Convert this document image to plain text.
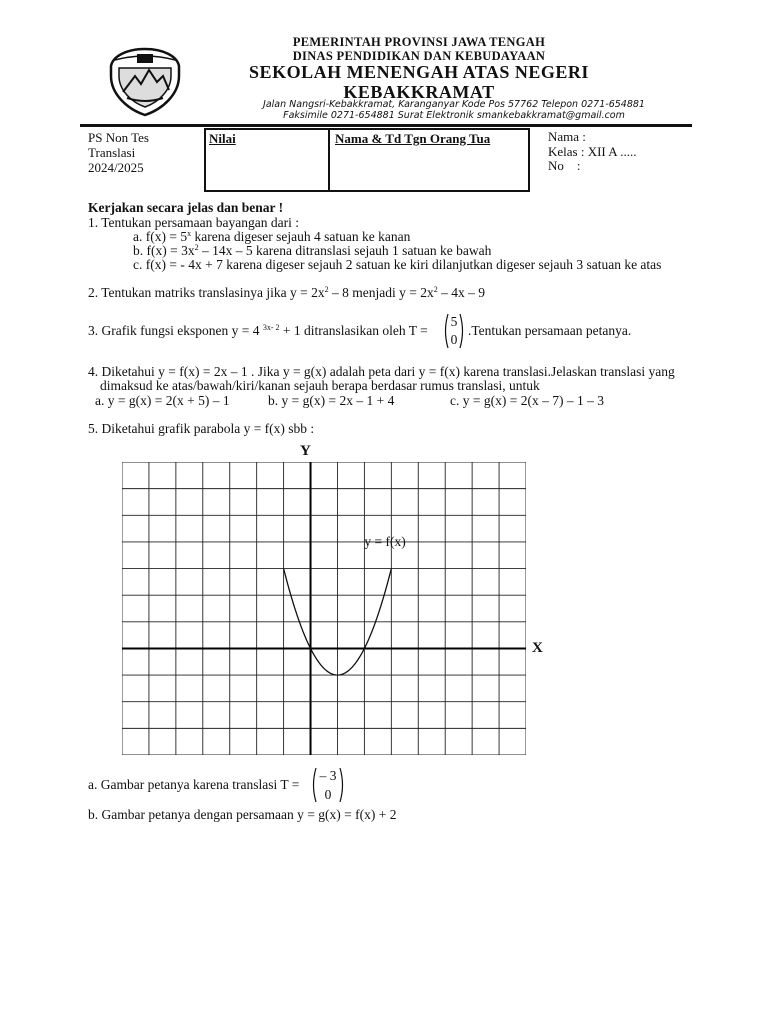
PEMERINTAH PROVINSI JAWA TENGAH
DINAS PENDIDIKAN DAN KEBUDAYAAN
SEKOLAH MENENGAH ATAS NEGERI
KEBAKKRAMAT
Jalan Nangsri-Kebakkramat, Karanganyar Kode Pos 57762 Telepon 0271-654881
Faksimile 0271-654881 Surat Elektronik smankebakkramat@gmail.com
PS Non Tes
Translasi
2024/2025
Nilai	Nama & Td Tgn Orang Tua	Nama :
Kelas : XII A .....
No    :
Kerjakan secara jelas dan benar !
1. Tentukan persamaan bayangan dari :
a. $f(x) = 5^x$ karena digeser sejauh 4 satuan ke kanan
b. $f(x) = 3x^2 - 14x - 5$ karena ditranslasi sejauh 1 satuan ke bawah
c. f(x) = - 4x + 7 karena digeser sejauh 2 satuan ke kiri dilanjutkan digeser sejauh 3 satuan ke atas
2. Tentukan matriks translasinya jika $y = 2x^2 - 8$ menjadi $y = 2x^2 - 4x - 9$
3. Grafik fungsi eksponen y = 4 $^{3x- 2}$ + 1 ditranslasikan oleh T =
5
0
.Tentukan persamaan petanya.
4. Diketahui y = f(x) = 2x – 1 . Jika y = g(x) adalah peta dari y = f(x) karena translasi.Jelaskan translasi yang
dimaksud ke atas/bawah/kiri/kanan sejauh berapa berdasar rumus translasi, untuk
a. y = g(x) = 2(x + 5) – 1	b. y = g(x) = 2x – 1 + 4	c. y = g(x) = 2(x – 7) – 1 – 3
5. Diketahui grafik parabola y = f(x) sbb :
Y
X
y = f(x)
a. Gambar petanya karena translasi T =
– 3
0
b. Gambar petanya dengan persamaan y = g(x) = f(x) + 2
